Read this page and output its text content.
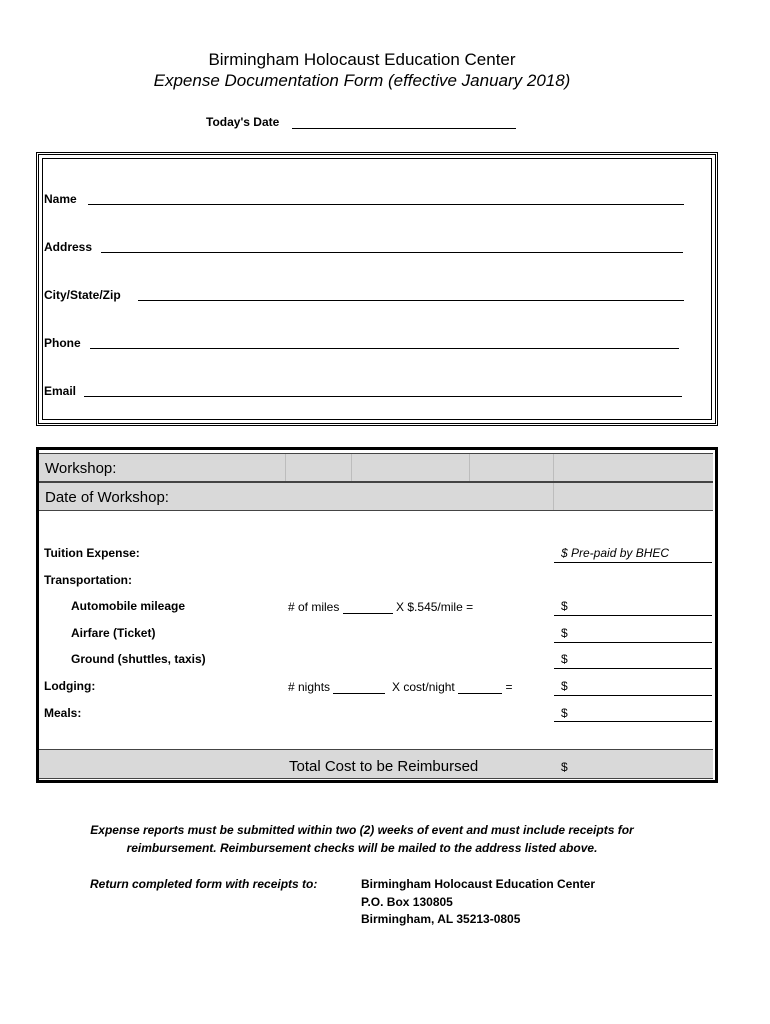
Birmingham Holocaust Education Center
Expense Documentation Form (effective January 2018)
Today's Date
Name
Address
City/State/Zip
Phone
Email
Workshop:
Date of Workshop:
Tuition Expense:	$ Pre-paid by BHEC
Transportation:
Automobile mileage	# of miles	X $.545/mile =	$
Airfare (Ticket)	$
Ground (shuttles, taxis)	$
Lodging:	# nights	X cost/night	=	$
Meals:	$
Total Cost to be Reimbursed	$
Expense reports must be submitted within two (2) weeks of event and must include receipts for
reimbursement. Reimbursement checks will be mailed to the address listed above.
Return completed form with receipts to:	Birmingham Holocaust Education Center
P.O. Box 130805
Birmingham, AL 35213-0805
